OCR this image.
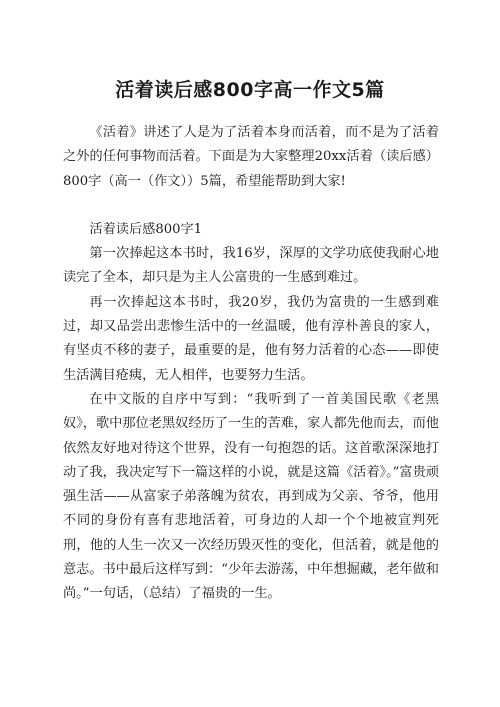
活着读后感800字高一作文5篇

《活着》讲述了人是为了活着本身而活着，而不是为了活着之外的任何事物而活着。下面是为大家整理20xx活着（读后感）800字（高一（作文））5篇，希望能帮助到大家!

活着读后感800字1

第一次捧起这本书时，我16岁，深厚的文学功底使我耐心地读完了全本，却只是为主人公富贵的一生感到难过。

再一次捧起这本书时，我20岁，我仍为富贵的一生感到难过，却又品尝出悲惨生活中的一丝温暖，他有淳朴善良的家人，有坚贞不移的妻子，最重要的是，他有努力活着的心态——即使生活满目疮痍，无人相伴，也要努力生活。

在中文版的自序中写到：“我听到了一首美国民歌《老黑奴》，歌中那位老黑奴经历了一生的苦难，家人都先他而去，而他依然友好地对待这个世界，没有一句抱怨的话。这首歌深深地打动了我，我决定写下一篇这样的小说，就是这篇《活着》。”富贵顽强生活——从富家子弟落魄为贫农，再到成为父亲、爷爷，他用不同的身份有喜有悲地活着，可身边的人却一个个地被宣判死刑，他的人生一次又一次经历毁灭性的变化，但活着，就是他的意志。书中最后这样写到：“少年去游荡，中年想掘藏，老年做和尚。”一句话，（总结）了福贵的一生。
